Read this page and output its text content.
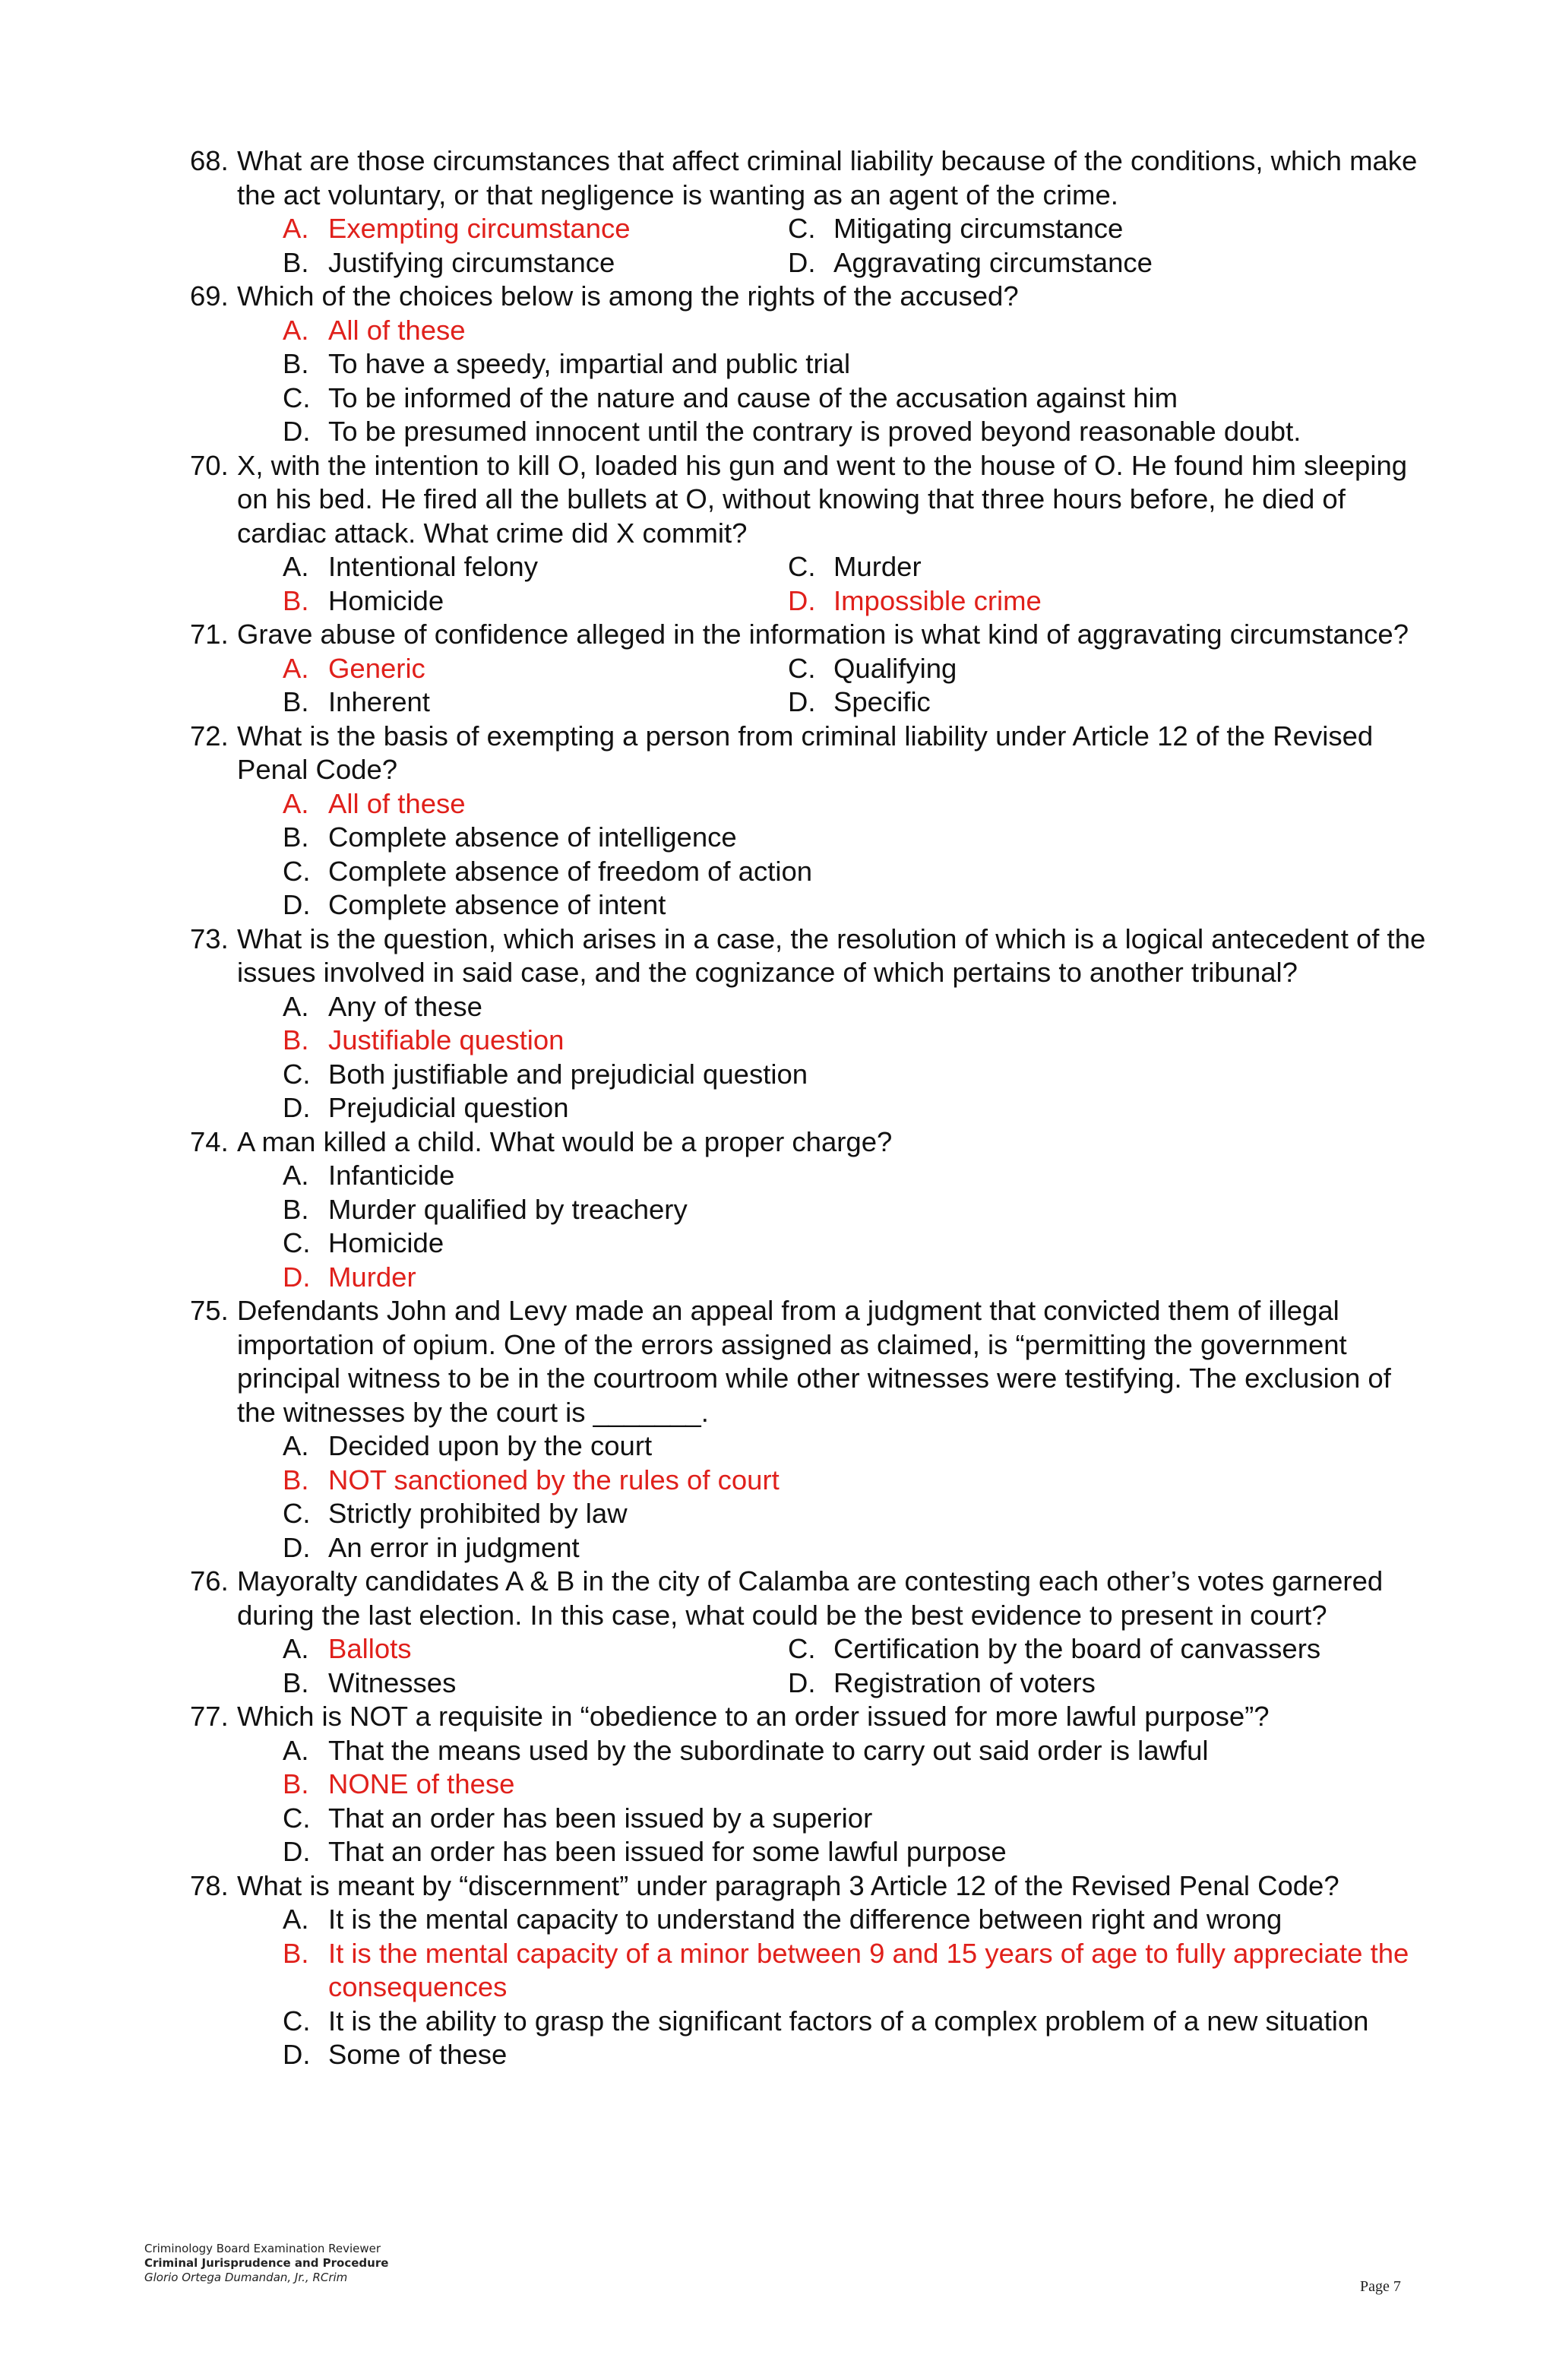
68. What are those circumstances that affect criminal liability because of the conditions, which make the act voluntary, or that negligence is wanting as an agent of the crime.
A. Exempting circumstance	C. Mitigating circumstance
B. Justifying circumstance	D. Aggravating circumstance
69. Which of the choices below is among the rights of the accused?
A. All of these
B. To have a speedy, impartial and public trial
C. To be informed of the nature and cause of the accusation against him
D. To be presumed innocent until the contrary is proved beyond reasonable doubt.
70. X, with the intention to kill O, loaded his gun and went to the house of O. He found him sleeping on his bed. He fired all the bullets at O, without knowing that three hours before, he died of cardiac attack. What crime did X commit?
A. Intentional felony	C. Murder
B. Homicide	D. Impossible crime
71. Grave abuse of confidence alleged in the information is what kind of aggravating circumstance?
A. Generic	C. Qualifying
B. Inherent	D. Specific
72. What is the basis of exempting a person from criminal liability under Article 12 of the Revised Penal Code?
A. All of these
B. Complete absence of intelligence
C. Complete absence of freedom of action
D. Complete absence of intent
73. What is the question, which arises in a case, the resolution of which is a logical antecedent of the issues involved in said case, and the cognizance of which pertains to another tribunal?
A. Any of these
B. Justifiable question
C. Both justifiable and prejudicial question
D. Prejudicial question
74. A man killed a child. What would be a proper charge?
A. Infanticide
B. Murder qualified by treachery
C. Homicide
D. Murder
75. Defendants John and Levy made an appeal from a judgment that convicted them of illegal importation of opium. One of the errors assigned as claimed, is “permitting the government principal witness to be in the courtroom while other witnesses were testifying. The exclusion of the witnesses by the court is _______.
A. Decided upon by the court
B. NOT sanctioned by the rules of court
C. Strictly prohibited by law
D. An error in judgment
76. Mayoralty candidates A & B in the city of Calamba are contesting each other’s votes garnered during the last election. In this case, what could be the best evidence to present in court?
A. Ballots	C. Certification by the board of canvassers
B. Witnesses	D. Registration of voters
77. Which is NOT a requisite in “obedience to an order issued for more lawful purpose”?
A. That the means used by the subordinate to carry out said order is lawful
B. NONE of these
C. That an order has been issued by a superior
D. That an order has been issued for some lawful purpose
78. What is meant by “discernment” under paragraph 3 Article 12 of the Revised Penal Code?
A. It is the mental capacity to understand the difference between right and wrong
B. It is the mental capacity of a minor between 9 and 15 years of age to fully appreciate the consequences
C. It is the ability to grasp the significant factors of a complex problem of a new situation
D. Some of these
Criminology Board Examination Reviewer
Criminal Jurisprudence and Procedure
Glorio Ortega Dumandan, Jr., RCrim
Page 7
